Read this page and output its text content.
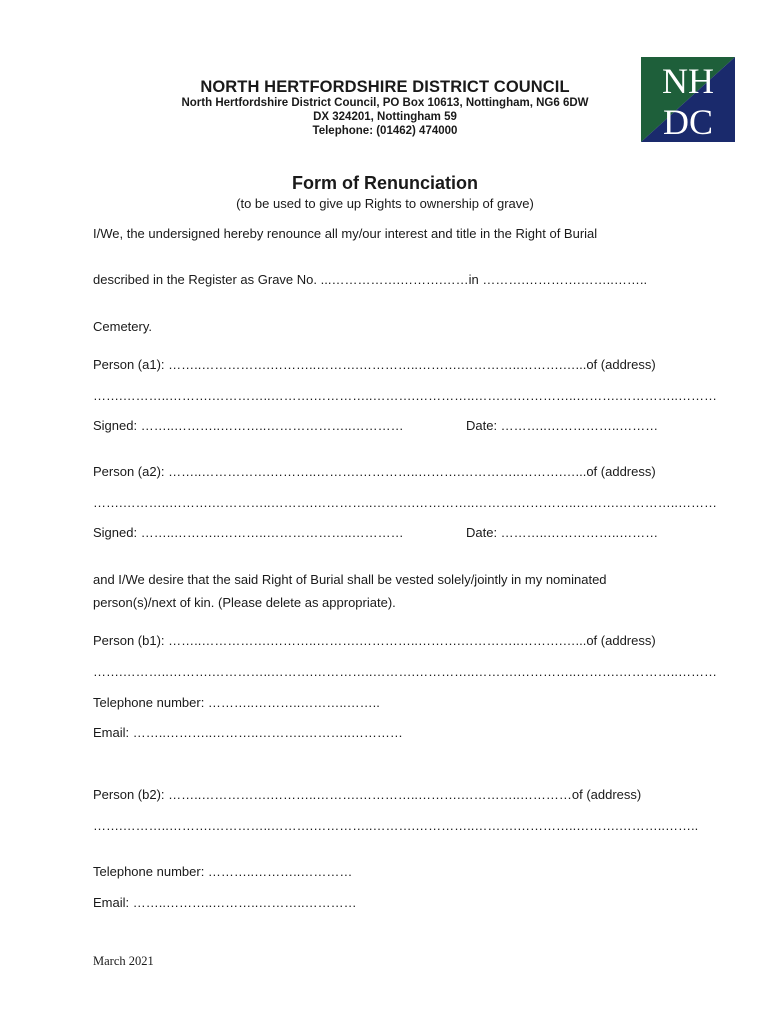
NORTH HERTFORDSHIRE DISTRICT COUNCIL
North Hertfordshire District Council, PO Box 10613, Nottingham, NG6 6DW
DX 324201, Nottingham 59
Telephone: (01462) 474000
NH
DC
Form of Renunciation
(to be used to give up Rights to ownership of grave)
I/We, the undersigned hereby renounce all my/our interest and title in the Right of Burial
described in the Register as Grave No. ...…………….……….……in ……….………….……..……..
Cemetery.
Person (a1): ……..…………….………..……….…………..……….…………..……….…...of (address)
…….………..……….…………..……….…………..……….…………..……….…………..……….…………..………
Signed: ……..………..………..………………..…………	Date: ………..……………..………
Person (a2): ……..…………….………..……….…………..……….…………..……….…...of (address)
…….………..……….…………..……….…………..……….…………..……….…………..……….…………..………
Signed: ……..………..………..………………..…………	Date: ………..……………..………
and I/We desire that the said Right of Burial shall be vested solely/jointly in my nominated
person(s)/next of kin. (Please delete as appropriate).
Person (b1): ……..…………….………..……….…………..……….…………..……….…...of (address)
…….………..……….…………..……….…………..……….…………..……….…………..……….…………..………
Telephone number: ………..………..………..……..
Email: ……..………..………..………..………..…………
Person (b2): ……..…………….………..……….…………..……….…………..…………of (address)
…….………..……….…………..……….…………..……….…………..……….…………..……….………..……..
Telephone number: ………..………..…………
Email: ……..………..………..………..…………
March 2021
